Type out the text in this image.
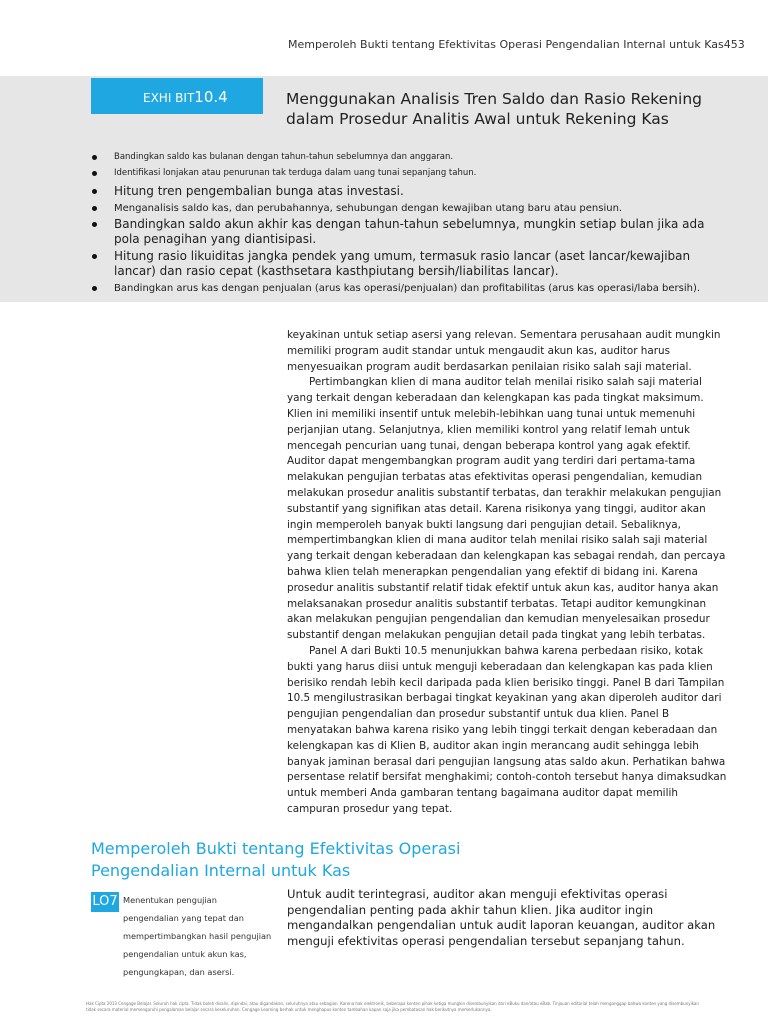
Memperoleh Bukti tentang Efektivitas Operasi Pengendalian Internal untuk Kas453
EXHI BIT10.4	Menggunakan Analisis Tren Saldo dan Rasio Rekening dalam Prosedur Analitis Awal untuk Rekening Kas
Bandingkan saldo kas bulanan dengan tahun-tahun sebelumnya dan anggaran.
Identifikasi lonjakan atau penurunan tak terduga dalam uang tunai sepanjang tahun.
Hitung tren pengembalian bunga atas investasi.
Menganalisis saldo kas, dan perubahannya, sehubungan dengan kewajiban utang baru atau pensiun.
Bandingkan saldo akun akhir kas dengan tahun-tahun sebelumnya, mungkin setiap bulan jika ada pola penagihan yang diantisipasi.
Hitung rasio likuiditas jangka pendek yang umum, termasuk rasio lancar (aset lancar/kewajiban lancar) dan rasio cepat (kasthsetara kasthpiutang bersih/liabilitas lancar).
Bandingkan arus kas dengan penjualan (arus kas operasi/penjualan) dan profitabilitas (arus kas operasi/laba bersih).

keyakinan untuk setiap asersi yang relevan. Sementara perusahaan audit mungkin memiliki program audit standar untuk mengaudit akun kas, auditor harus menyesuaikan program audit berdasarkan penilaian risiko salah saji material.

Pertimbangkan klien di mana auditor telah menilai risiko salah saji material yang terkait dengan keberadaan dan kelengkapan kas pada tingkat maksimum. Klien ini memiliki insentif untuk melebih-lebihkan uang tunai untuk memenuhi perjanjian utang. Selanjutnya, klien memiliki kontrol yang relatif lemah untuk mencegah pencurian uang tunai, dengan beberapa kontrol yang agak efektif. Auditor dapat mengembangkan program audit yang terdiri dari pertama-tama melakukan pengujian terbatas atas efektivitas operasi pengendalian, kemudian melakukan prosedur analitis substantif terbatas, dan terakhir melakukan pengujian substantif yang signifikan atas detail. Karena risikonya yang tinggi, auditor akan ingin memperoleh banyak bukti langsung dari pengujian detail. Sebaliknya, mempertimbangkan klien di mana auditor telah menilai risiko salah saji material yang terkait dengan keberadaan dan kelengkapan kas sebagai rendah, dan percaya bahwa klien telah menerapkan pengendalian yang efektif di bidang ini. Karena prosedur analitis substantif relatif tidak efektif untuk akun kas, auditor hanya akan melaksanakan prosedur analitis substantif terbatas. Tetapi auditor kemungkinan akan melakukan pengujian pengendalian dan kemudian menyelesaikan prosedur substantif dengan melakukan pengujian detail pada tingkat yang lebih terbatas.

Panel A dari Bukti 10.5 menunjukkan bahwa karena perbedaan risiko, kotak bukti yang harus diisi untuk menguji keberadaan dan kelengkapan kas pada klien berisiko rendah lebih kecil daripada pada klien berisiko tinggi. Panel B dari Tampilan 10.5 mengilustrasikan berbagai tingkat keyakinan yang akan diperoleh auditor dari pengujian pengendalian dan prosedur substantif untuk dua klien. Panel B menyatakan bahwa karena risiko yang lebih tinggi terkait dengan keberadaan dan kelengkapan kas di Klien B, auditor akan ingin merancang audit sehingga lebih banyak jaminan berasal dari pengujian langsung atas saldo akun. Perhatikan bahwa persentase relatif bersifat menghakimi; contoh-contoh tersebut hanya dimaksudkan untuk memberi Anda gambaran tentang bagaimana auditor dapat memilih campuran prosedur yang tepat.

Memperoleh Bukti tentang Efektivitas Operasi Pengendalian Internal untuk Kas
LO7 Menentukan pengujian pengendalian yang tepat dan mempertimbangkan hasil pengujian pengendalian untuk akun kas, pengungkapan, dan asersi.
Untuk audit terintegrasi, auditor akan menguji efektivitas operasi pengendalian penting pada akhir tahun klien. Jika auditor ingin mengandalkan pengendalian untuk audit laporan keuangan, auditor akan menguji efektivitas operasi pengendalian tersebut sepanjang tahun.
Hak Cipta 2013 Cengage Belajar. Seluruh hak cipta. Tidak boleh disalin, dipindai, atau digandakan, seluruhnya atau sebagian. Karena hak elektronik, beberapa konten pihak ketiga mungkin disembunyikan dari eBuku dan/atau eBab. Tinjauan editorial telah menganggap bahwa konten yang disembunyikan tidak secara material memengaruhi pengalaman belajar secara keseluruhan. Cengage Learning berhak untuk menghapus konten tambahan kapan saja jika pembatasan hak berikutnya memerlukannya.
